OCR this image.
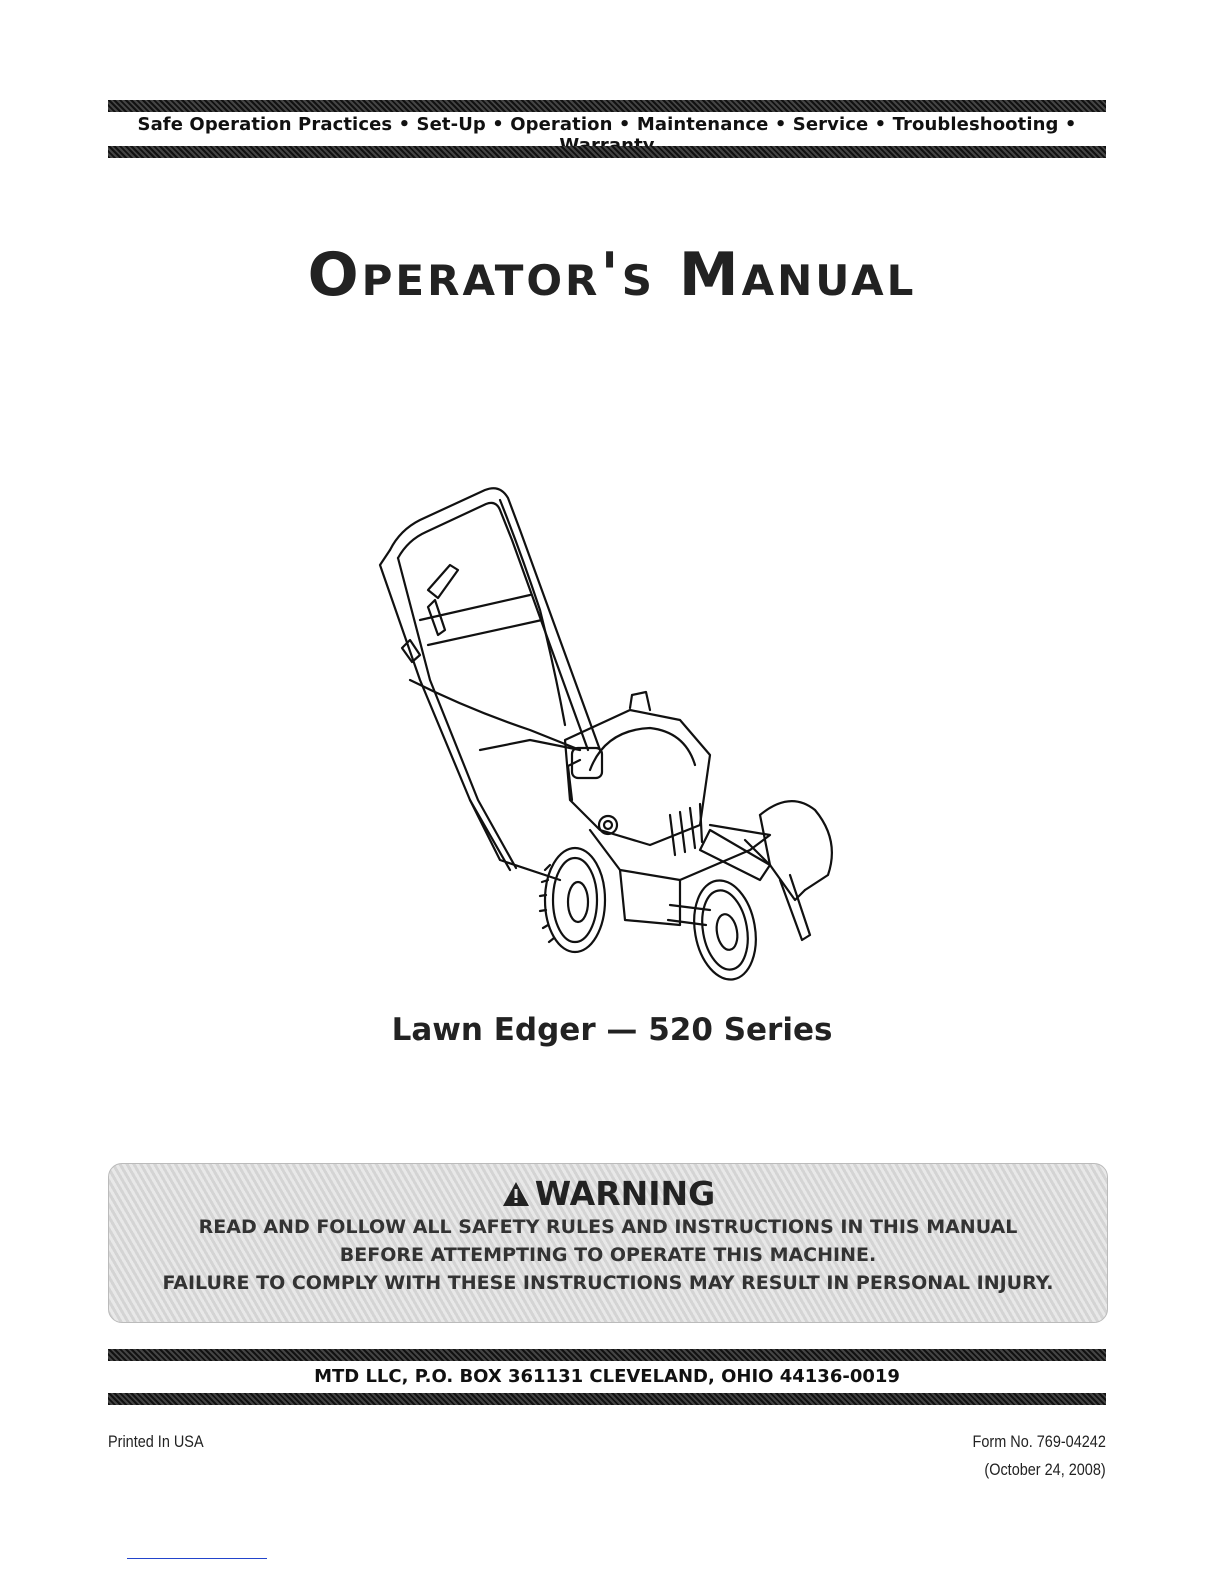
Safe Operation Practices • Set-Up • Operation • Maintenance • Service • Troubleshooting •
Operator's Manual
Lawn Edger — 520 Series
WARNING
READ AND FOLLOW ALL SAFETY RULES AND INSTRUCTIONS IN THIS MANUAL
BEFORE ATTEMPTING TO OPERATE THIS MACHINE.
FAILURE TO COMPLY WITH THESE INSTRUCTIONS MAY RESULT IN PERSONAL INJURY.
MTD LLC, P.O. BOX 361131 CLEVELAND, OHIO 44136-0019
Printed In USA	Form No. 769-04242
(October 24, 2008)
